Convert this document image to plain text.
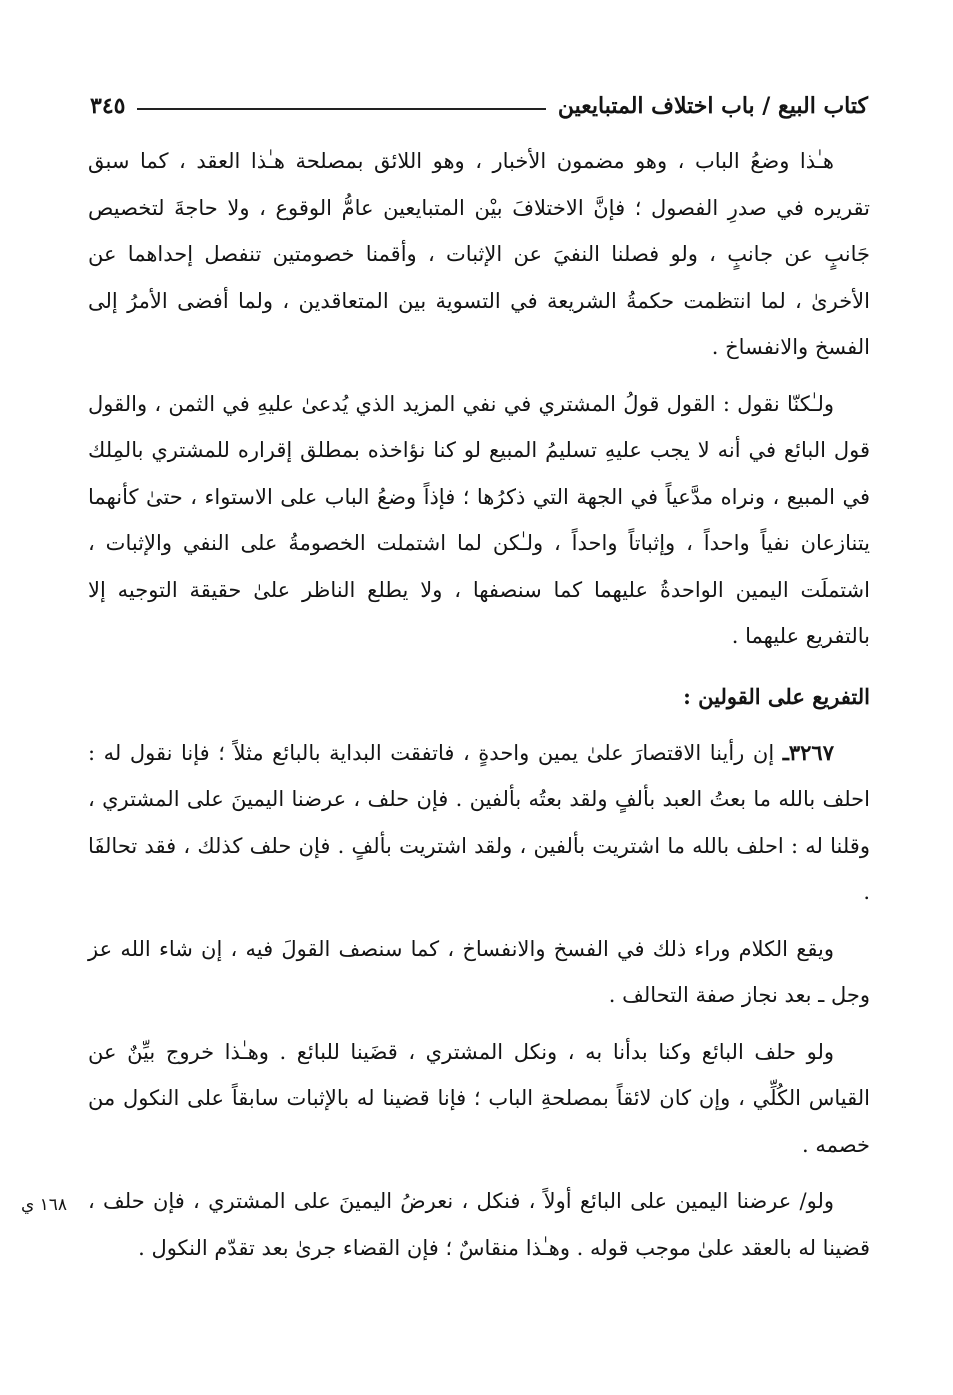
كتاب البيع / باب اختلاف المتبايعين
٣٤٥

هـٰذا وضعُ الباب ، وهو مضمون الأخبار ، وهو اللائق بمصلحة هـٰذا العقد ، كما سبق تقريره في صدرِ الفصول ؛ فإنَّ الاختلافَ بيْن المتبايعين عامُّ الوقوع ، ولا حاجةَ لتخصيص جَانبٍ عن جانبٍ ، ولو فصلنا النفيَ عن الإثبات ، وأقمنا خصومتين تنفصل إحداهما عن الأخرىٰ ، لما انتظمت حكمةُ الشريعة في التسوية بين المتعاقدين ، ولما أفضى الأمرُ إلى الفسخ والانفساخ .

ولـٰكنّا نقول : القول قولُ المشتري في نفي المزيد الذي يُدعىٰ عليهِ في الثمن ، والقول قول البائع في أنه لا يجب عليهِ تسليمُ المبيع لو كنا نؤاخذه بمطلق إقراره للمشتري بالمِلك في المبيع ، ونراه مدَّعياً في الجهة التي ذكرُها ؛ فإذاً وضعُ الباب على الاستواء ، حتىٰ كأنهما يتنازعان نفياً واحداً ، وإثباتاً واحداً ، ولـٰكن لما اشتملت الخصومةُ على النفي والإثبات ، اشتملَت اليمين الواحدةُ عليهما كما سنصفها ، ولا يطلع الناظر علىٰ حقيقة التوجيه إلا بالتفريع عليهما .

التفريع على القولين :

٣٢٦٧ـ إن رأينا الاقتصارَ علىٰ يمين واحدةٍ ، فاتفقت البداية بالبائع مثلاً ؛ فإنا نقول له : احلف بالله ما بعتُ العبد بألفٍ ولقد بعتُه بألفين . فإن حلف ، عرضنا اليمينَ على المشتري ، وقلنا له : احلف بالله ما اشتريت بألفين ، ولقد اشتريت بألفٍ . فإن حلف كذلك ، فقد تحالفَا .

ويقع الكلام وراء ذلك في الفسخ والانفساخ ، كما سنصف القولَ فيه ، إن شاء الله عز وجل ـ بعد نجاز صفة التحالف .

ولو حلف البائع وكنا بدأنا به ، ونكل المشتري ، قضَينا للبائع . وهـٰذا خروج بيِّنٌ عن القياس الكُلِّي ، وإن كان لائقاً بمصلحةِ الباب ؛ فإنا قضينا له بالإثبات سابقاً على النكول من خصمه .

ولو/ عرضنا اليمين على البائع أولاً ، فنكل ، نعرضُ اليمينَ على المشتري ، فإن حلف ، قضينا له بالعقد علىٰ موجب قوله . وهـٰذا منقاسٌ ؛ فإن القضاء جرىٰ بعد تقدّم النكول .

١٦٨ ي
